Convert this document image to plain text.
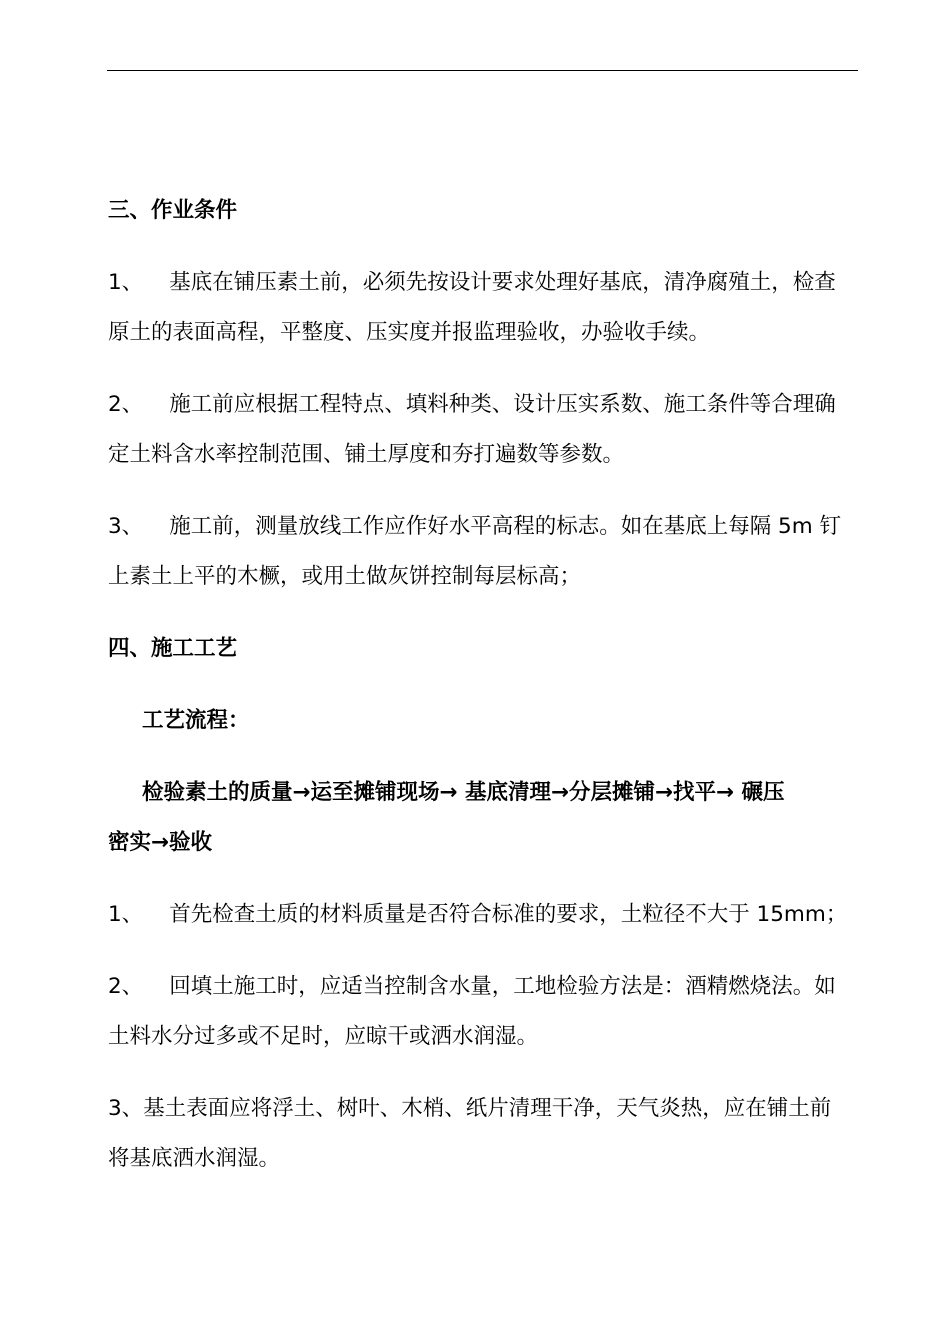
三、作业条件
1、 基底在铺压素土前，必须先按设计要求处理好基底，清净腐殖土，检查
原土的表面高程，平整度、压实度并报监理验收，办验收手续。
2、 施工前应根据工程特点、填料种类、设计压实系数、施工条件等合理确
定土料含水率控制范围、铺土厚度和夯打遍数等参数。
3、 施工前，测量放线工作应作好水平高程的标志。如在基底上每隔 5m 钉
上素土上平的木橛，或用土做灰饼控制每层标高；
四、施工工艺
工艺流程：
检验素土的质量→运至摊铺现场→ 基底清理→分层摊铺→找平→ 碾压
密实→验收
1、 首先检查土质的材料质量是否符合标准的要求，土粒径不大于 15mm；
2、 回填土施工时，应适当控制含水量，工地检验方法是：酒精燃烧法。如
土料水分过多或不足时，应晾干或洒水润湿。
3、基土表面应将浮土、树叶、木梢、纸片清理干净，天气炎热，应在铺土前
将基底洒水润湿。
